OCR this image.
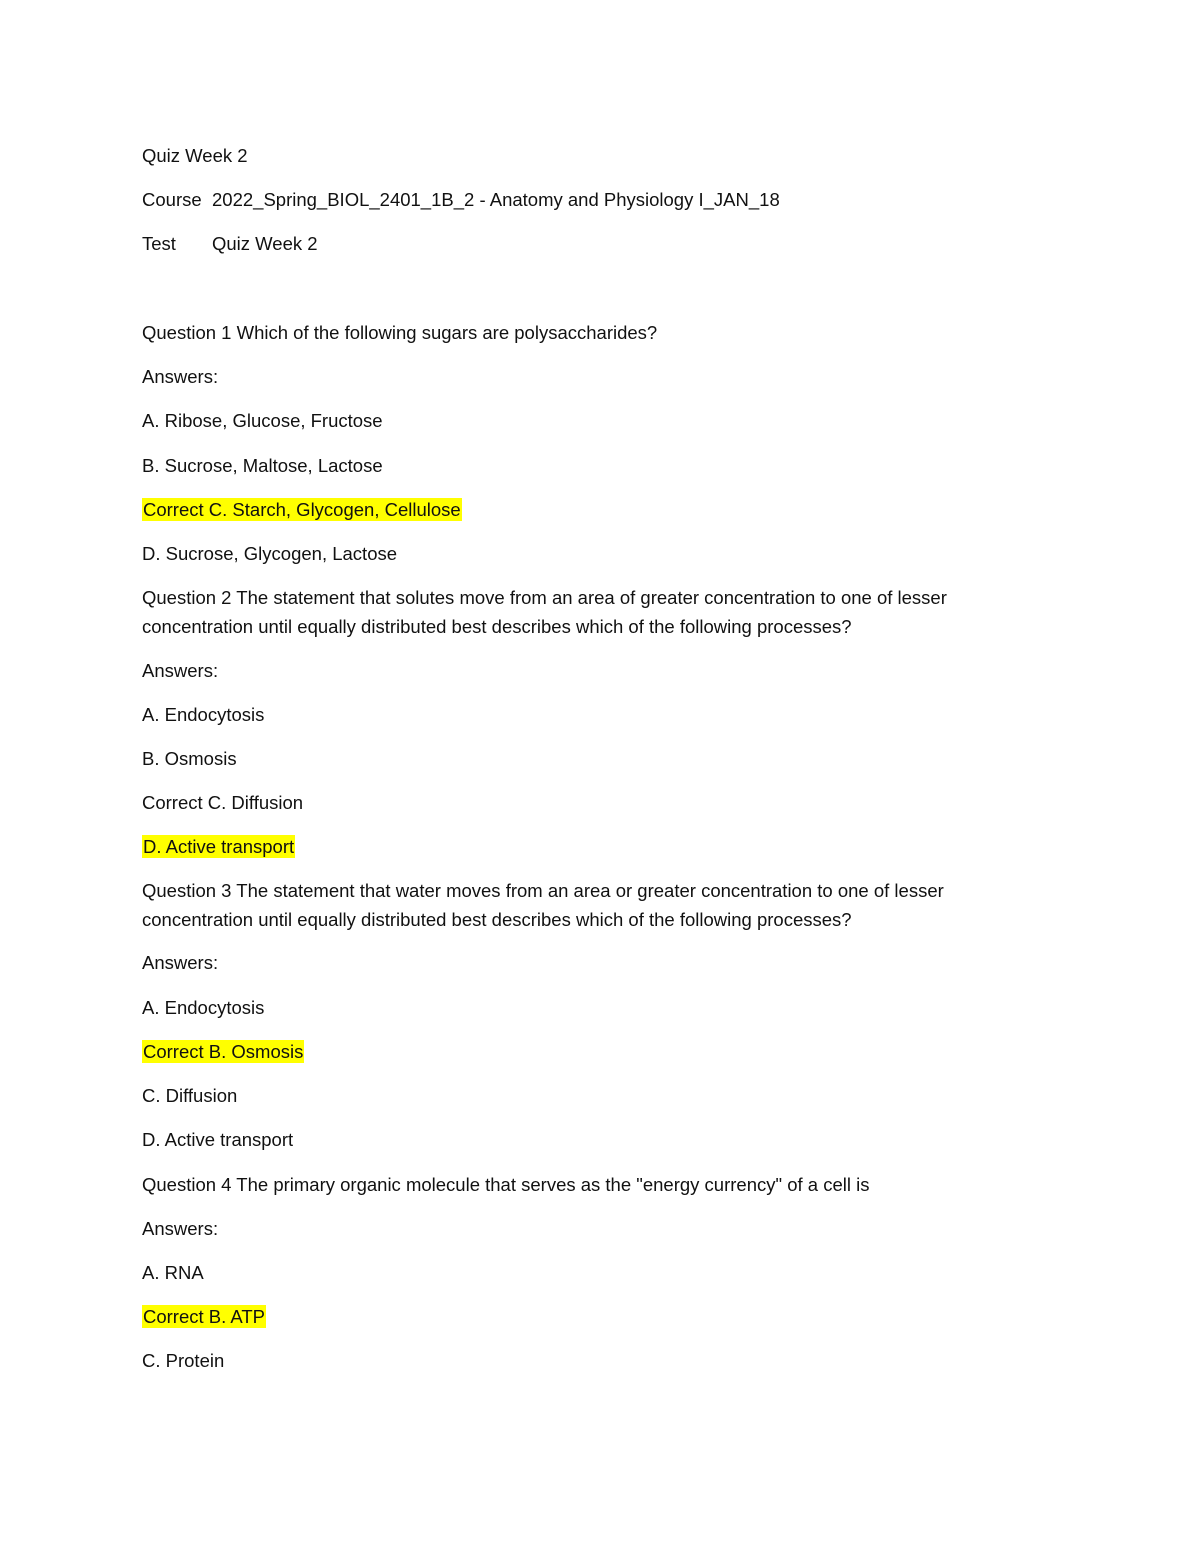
Quiz Week 2
Course 2022_Spring_BIOL_2401_1B_2 - Anatomy and Physiology I_JAN_18
Test Quiz Week 2
Question 1 Which of the following sugars are polysaccharides?
Answers:
A. Ribose, Glucose, Fructose
B. Sucrose, Maltose, Lactose
Correct C. Starch, Glycogen, Cellulose
D. Sucrose, Glycogen, Lactose
Question 2 The statement that solutes move from an area of greater concentration to one of lesser concentration until equally distributed best describes which of the following processes?
Answers:
A. Endocytosis
B. Osmosis
Correct C. Diffusion
D. Active transport
Question 3 The statement that water moves from an area or greater concentration to one of lesser concentration until equally distributed best describes which of the following processes?
Answers:
A. Endocytosis
Correct B. Osmosis
C. Diffusion
D. Active transport
Question 4 The primary organic molecule that serves as the "energy currency" of a cell is
Answers:
A. RNA
Correct B. ATP
C. Protein
